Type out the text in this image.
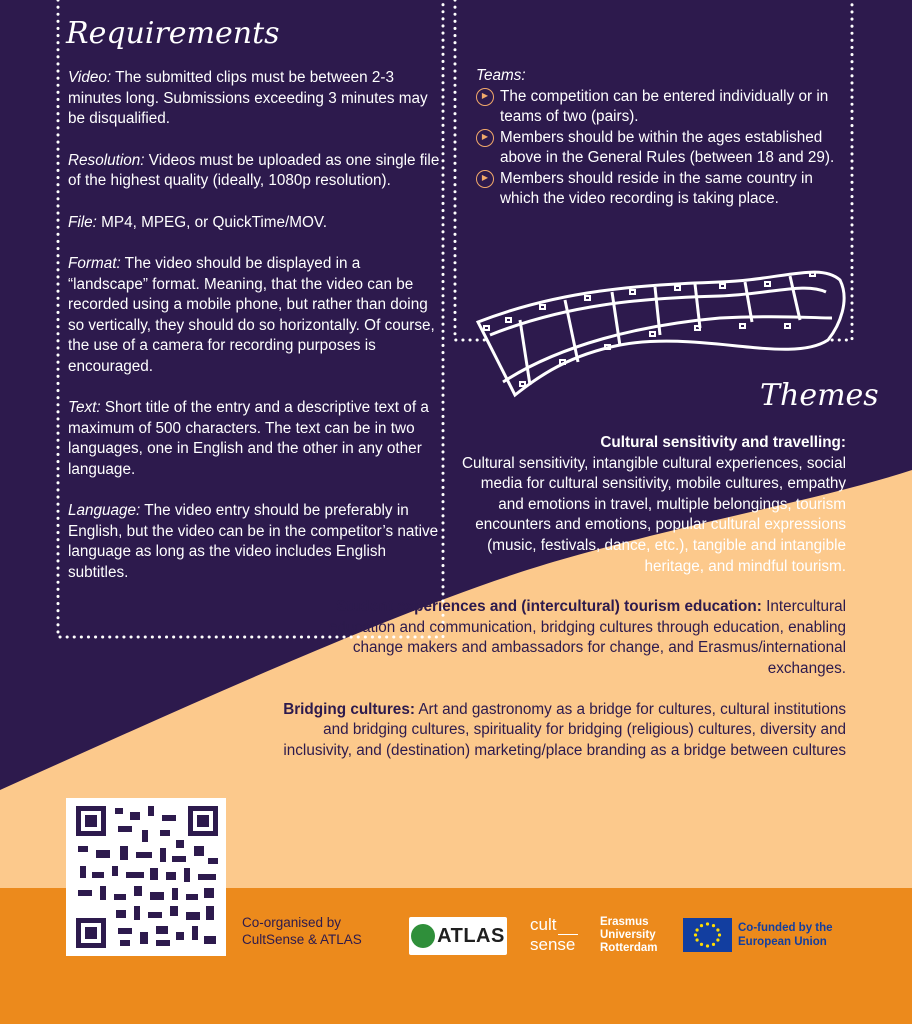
Requirements

Video: The submitted clips must be between 2-3 minutes long. Submissions exceeding 3 minutes may be disqualified.

Resolution: Videos must be uploaded as one single file of the highest quality (ideally, 1080p resolution).

File: MP4, MPEG, or QuickTime/MOV.

Format: The video should be displayed in a “landscape” format. Meaning, that the video can be recorded using a mobile phone, but rather than doing so vertically, they should do so horizontally. Of course, the use of a camera for recording purposes is encouraged.

Text: Short title of the entry and a descriptive text of a maximum of 500 characters. The text can be in two languages, one in English and the other in any other language.

Language: The video entry should be preferably in English, but the video can be in the competitor’s native language as long as the video includes English subtitles.

Teams:
▶ The competition can be entered individually or in teams of two (pairs).
▶ Members should be within the ages established above in the General Rules (between 18 and 29).
▶ Members should reside in the same country in which the video recording is taking place.
Themes

Cultural sensitivity and travelling:
Cultural sensitivity, intangible cultural experiences, social media for cultural sensitivity, mobile cultures, empathy and emotions in travel, multiple belongings, tourism encounters and emotions, popular cultural expressions (music, festivals, dance, etc.), tangible and intangible heritage, and mindful tourism.

Student experiences and (intercultural) tourism education: Intercultural education and communication, bridging cultures through education, enabling change makers and ambassadors for change, and Erasmus/international exchanges.

Bridging cultures: Art and gastronomy as a bridge for cultures, cultural institutions and bridging cultures, spirituality for bridging (religious) cultures, diversity and inclusivity, and (destination) marketing/place branding as a bridge between cultures

Co-organised by CultSense & ATLAS	ATLAS cult
sense
Erasmus
University
Rotterdam
Co-funded by the European Union
